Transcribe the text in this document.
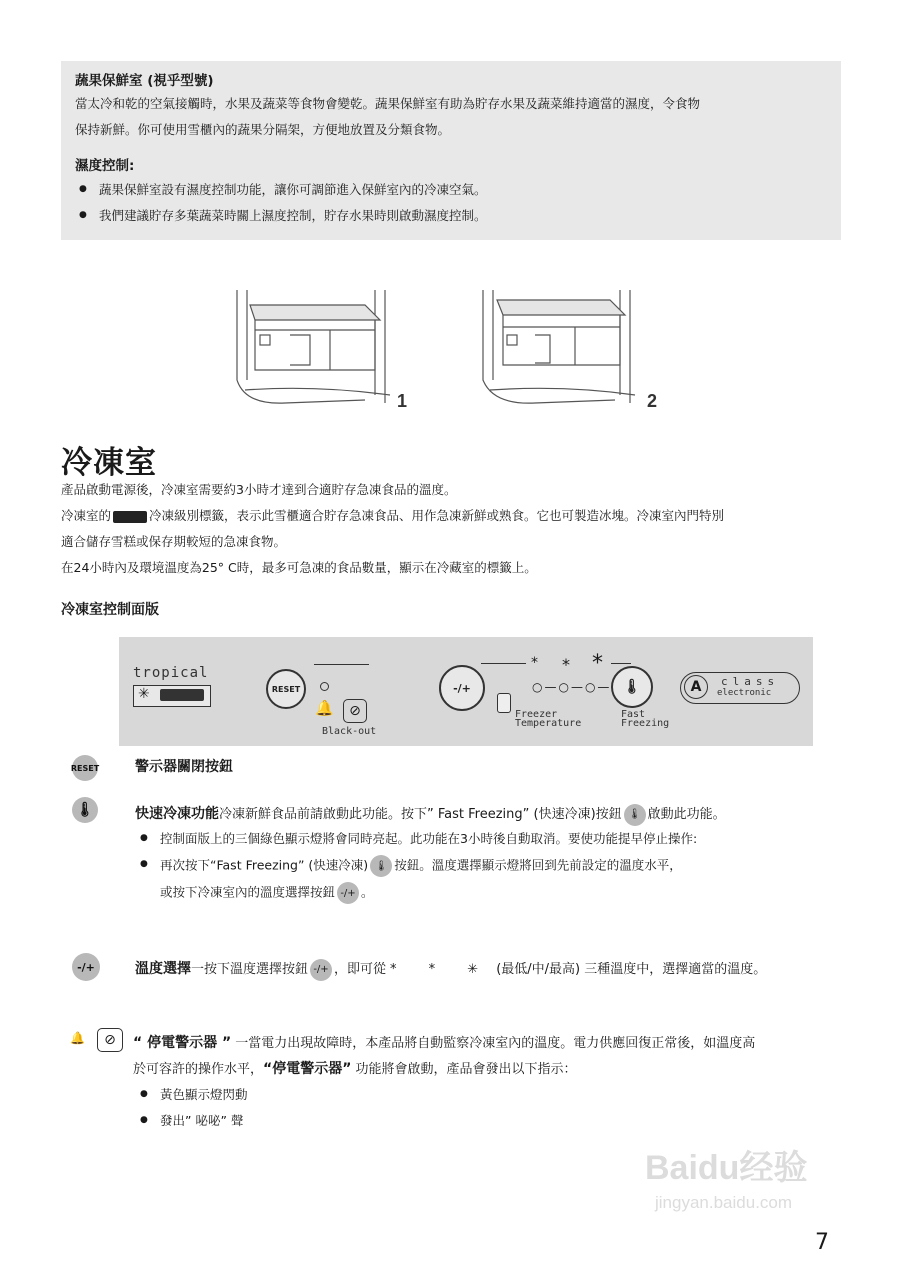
蔬果保鮮室 (視乎型號)
當太冷和乾的空氣接觸時，水果及蔬菜等食物會變乾。蔬果保鮮室有助為貯存水果及蔬菜維持適當的濕度，令食物
保持新鮮。你可使用雪櫃內的蔬果分隔架，方便地放置及分類食物。
濕度控制:
● 蔬果保鮮室設有濕度控制功能，讓你可調節進入保鮮室內的冷凍空氣。
● 我們建議貯存多葉蔬菜時關上濕度控制，貯存水果時則啟動濕度控制。
1	2
冷凍室
產品啟動電源後，冷凍室需要約3小時才達到合適貯存急凍食品的溫度。
冷凍室的	冷凍級別標籤，表示此雪櫃適合貯存急凍食品、用作急凍新鮮或熟食。它也可製造冰塊。冷凍室內門特別
適合儲存雪糕或保存期較短的急凍食物。
在24小時內及環境溫度為25° C時，最多可急凍的食品數量，顯示在冷藏室的標籤上。
冷凍室控制面版
tropical
✳	RESET
🔔	⊘
Black-out
-/+
* * *
○—○—○— 🌡
Freezer
Temperature
Fast
Freezing
A	class
electronic
RESET	警示器關閉按鈕
🌡	快速冷凍功能冷凍新鮮食品前請啟動此功能。按下” Fast Freezing” (快速冷凍)按鈕 🌡 啟動此功能。
● 控制面版上的三個綠色顯示燈將會同時亮起。此功能在3小時後自動取消。要使功能提早停止操作:
● 再次按下“Fast Freezing” (快速冷凍) 🌡 按鈕。溫度選擇顯示燈將回到先前設定的溫度水平，
或按下冷凍室內的溫度選擇按鈕 -/+ 。
-/+	溫度選擇一按下溫度選擇按鈕 -/+ ，即可從 * * ✳ (最低/中/最高) 三種溫度中，選擇適當的溫度。
🔔	⊘	“ 停電警示器 ” 一當電力出現故障時，本產品將自動監察冷凍室內的溫度。電力供應回復正常後，如溫度高
於可容許的操作水平，“停電警示器” 功能將會啟動，產品會發出以下指示：
● 黃色顯示燈閃動
● 發出” 咇咇” 聲
Baidu经验
jingyan.baidu.com
7
